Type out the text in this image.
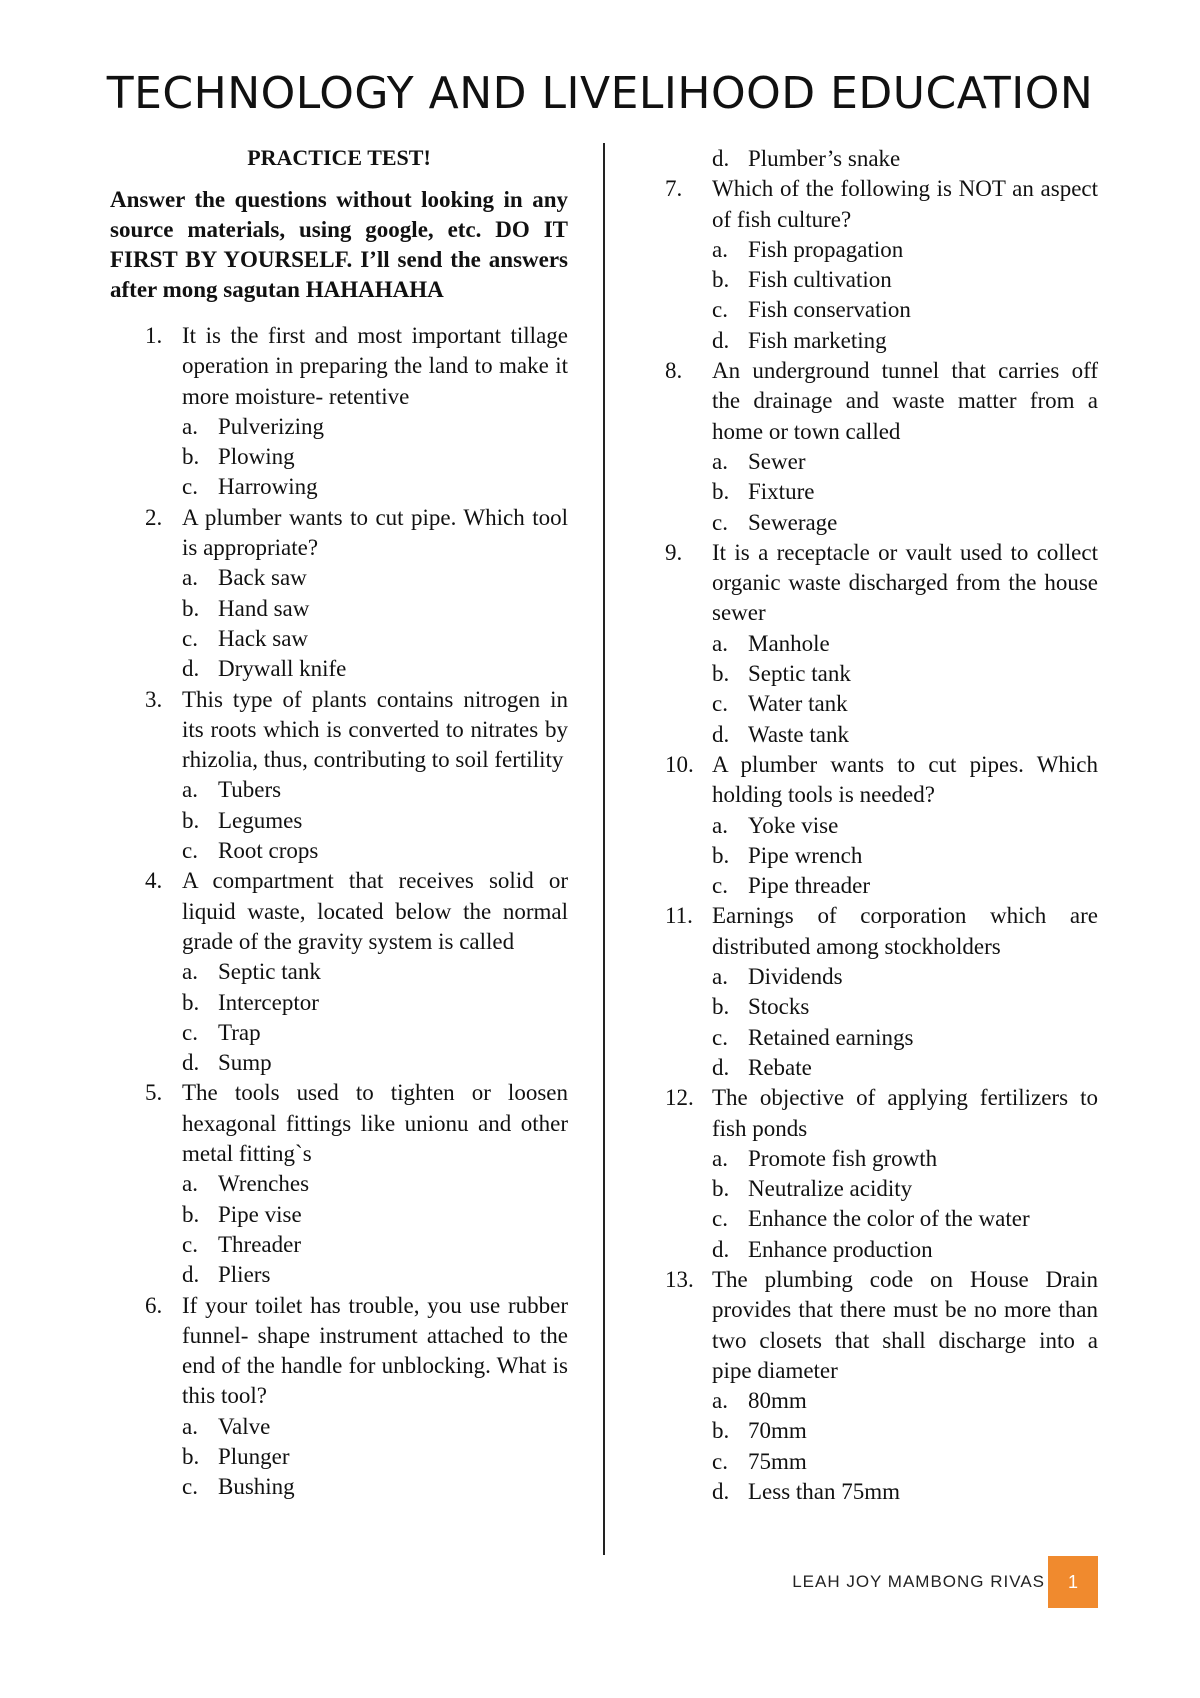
TECHNOLOGY AND LIVELIHOOD EDUCATION
PRACTICE TEST!
Answer the questions without looking in any source materials, using google, etc. DO IT FIRST BY YOURSELF. I’ll send the answers after mong sagutan HAHAHAHA
1. It is the first and most important tillage operation in preparing the land to make it more moisture- retentive
a. Pulverizing
b. Plowing
c. Harrowing
2. A plumber wants to cut pipe. Which tool is appropriate?
a. Back saw
b. Hand saw
c. Hack saw
d. Drywall knife
3. This type of plants contains nitrogen in its roots which is converted to nitrates by rhizolia, thus, contributing to soil fertility
a. Tubers
b. Legumes
c. Root crops
4. A compartment that receives solid or liquid waste, located below the normal grade of the gravity system is called
a. Septic tank
b. Interceptor
c. Trap
d. Sump
5. The tools used to tighten or loosen hexagonal fittings like unionu and other metal fitting`s
a. Wrenches
b. Pipe vise
c. Threader
d. Pliers
6. If your toilet has trouble, you use rubber funnel- shape instrument attached to the end of the handle for unblocking. What is this tool?
a. Valve
b. Plunger
c. Bushing
d. Plumber’s snake
7. Which of the following is NOT an aspect of fish culture?
a. Fish propagation
b. Fish cultivation
c. Fish conservation
d. Fish marketing
8. An underground tunnel that carries off the drainage and waste matter from a home or town called
a. Sewer
b. Fixture
c. Sewerage
9. It is a receptacle or vault used to collect organic waste discharged from the house sewer
a. Manhole
b. Septic tank
c. Water tank
d. Waste tank
10. A plumber wants to cut pipes. Which holding tools is needed?
a. Yoke vise
b. Pipe wrench
c. Pipe threader
11. Earnings of corporation which are distributed among stockholders
a. Dividends
b. Stocks
c. Retained earnings
d. Rebate
12. The objective of applying fertilizers to fish ponds
a. Promote fish growth
b. Neutralize acidity
c. Enhance the color of the water
d. Enhance production
13. The plumbing code on House Drain provides that there must be no more than two closets that shall discharge into a pipe diameter
a. 80mm
b. 70mm
c. 75mm
d. Less than 75mm
LEAH JOY MAMBONG RIVAS	1
